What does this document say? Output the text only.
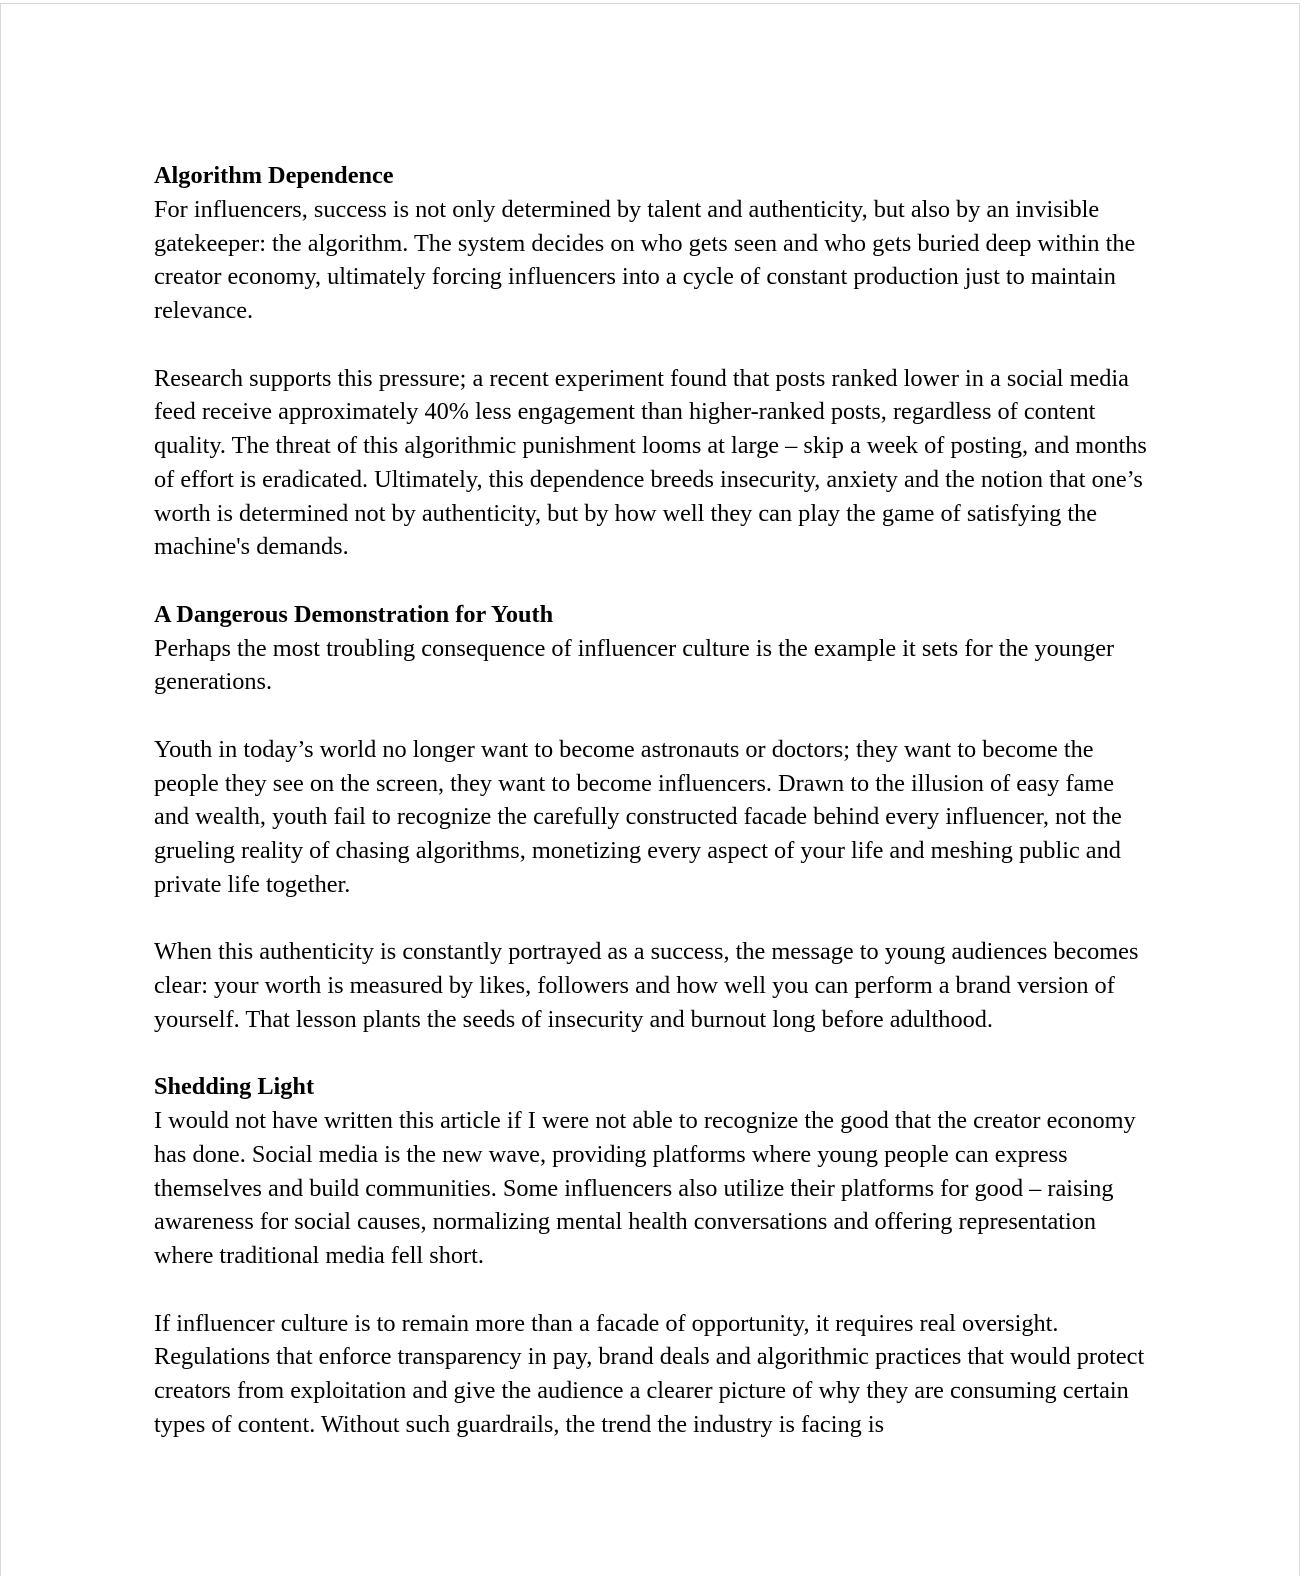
Algorithm Dependence
For influencers, success is not only determined by talent and authenticity, but also by an invisible gatekeeper: the algorithm. The system decides on who gets seen and who gets buried deep within the creator economy, ultimately forcing influencers into a cycle of constant production just to maintain relevance.
Research supports this pressure; a recent experiment found that posts ranked lower in a social media feed receive approximately 40% less engagement than higher-ranked posts, regardless of content quality. The threat of this algorithmic punishment looms at large – skip a week of posting, and months of effort is eradicated. Ultimately, this dependence breeds insecurity, anxiety and the notion that one’s worth is determined not by authenticity, but by how well they can play the game of satisfying the machine's demands.
A Dangerous Demonstration for Youth
Perhaps the most troubling consequence of influencer culture is the example it sets for the younger generations.
Youth in today’s world no longer want to become astronauts or doctors; they want to become the people they see on the screen, they want to become influencers. Drawn to the illusion of easy fame and wealth, youth fail to recognize the carefully constructed facade behind every influencer, not the grueling reality of chasing algorithms, monetizing every aspect of your life and meshing public and private life together.
When this authenticity is constantly portrayed as a success, the message to young audiences becomes clear: your worth is measured by likes, followers and how well you can perform a brand version of yourself. That lesson plants the seeds of insecurity and burnout long before adulthood.
Shedding Light
I would not have written this article if I were not able to recognize the good that the creator economy has done. Social media is the new wave, providing platforms where young people can express themselves and build communities. Some influencers also utilize their platforms for good – raising awareness for social causes, normalizing mental health conversations and offering representation where traditional media fell short.
If influencer culture is to remain more than a facade of opportunity, it requires real oversight. Regulations that enforce transparency in pay, brand deals and algorithmic practices that would protect creators from exploitation and give the audience a clearer picture of why they are consuming certain types of content. Without such guardrails, the trend the industry is facing is
